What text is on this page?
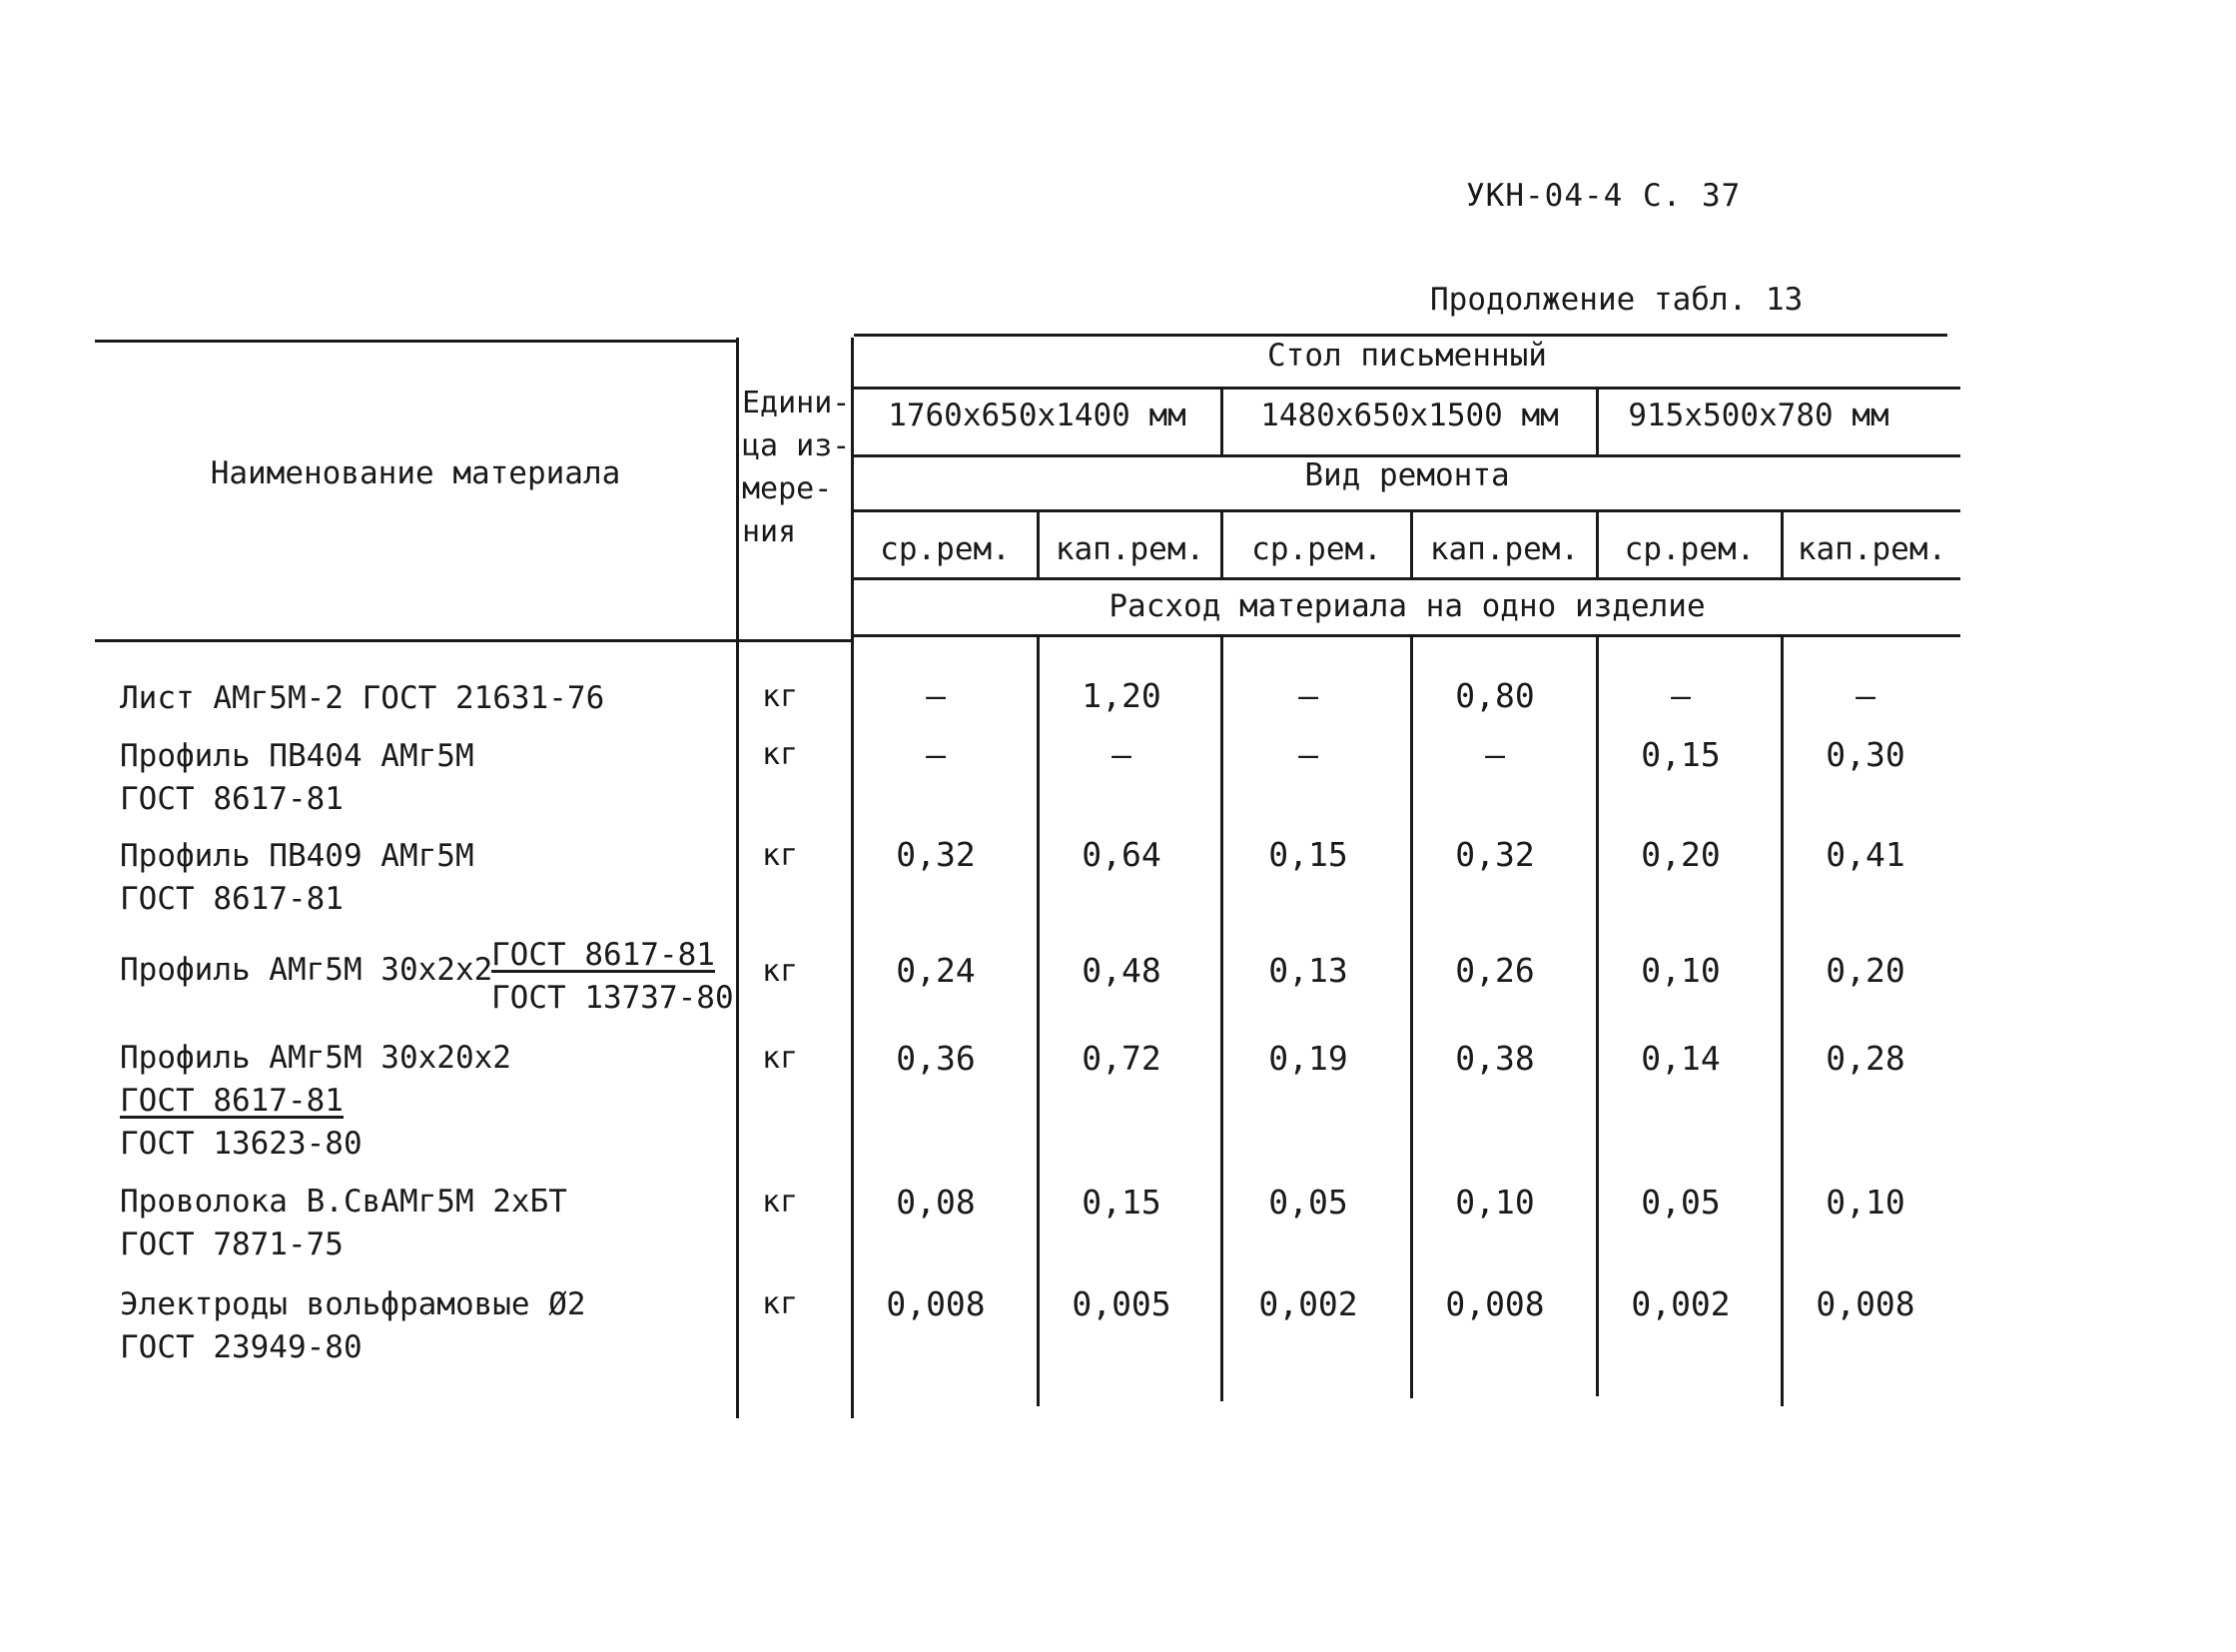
УКН-04-4 С. 37
Продолжение табл. 13
Наименование материала
Едини-
ца из-
мере-
ния
Стол письменный
1760x650x1400 мм	1480x650x1500 мм	915x500x780 мм
Вид ремонта
ср.рем.	кап.рем.	ср.рем.	кап.рем.	ср.рем.	кап.рем.
Расход материала на одно изделие
Лист АМг5М-2 ГОСТ 21631-76	кг	–	1,20	–	0,80	–	–
Профиль ПВ404 АМг5М
ГОСТ 8617-81
кг	–	–	–	–	0,15	0,30
Профиль ПВ409 АМг5М
ГОСТ 8617-81
кг	0,32	0,64	0,15	0,32	0,20	0,41
Профиль АМг5М 30x2x2
ГОСТ 8617-81
ГОСТ 13737-80
кг	0,24	0,48	0,13	0,26	0,10	0,20
Профиль АМг5М 30x20x2
ГОСТ 8617-81
ГОСТ 13623-80
кг	0,36	0,72	0,19	0,38	0,14	0,28
Проволока В.СвАМг5М 2хБТ
ГОСТ 7871-75
кг	0,08	0,15	0,05	0,10	0,05	0,10
Электроды вольфрамовые Ø2
ГОСТ 23949-80
кг	0,008	0,005	0,002	0,008	0,002	0,008
